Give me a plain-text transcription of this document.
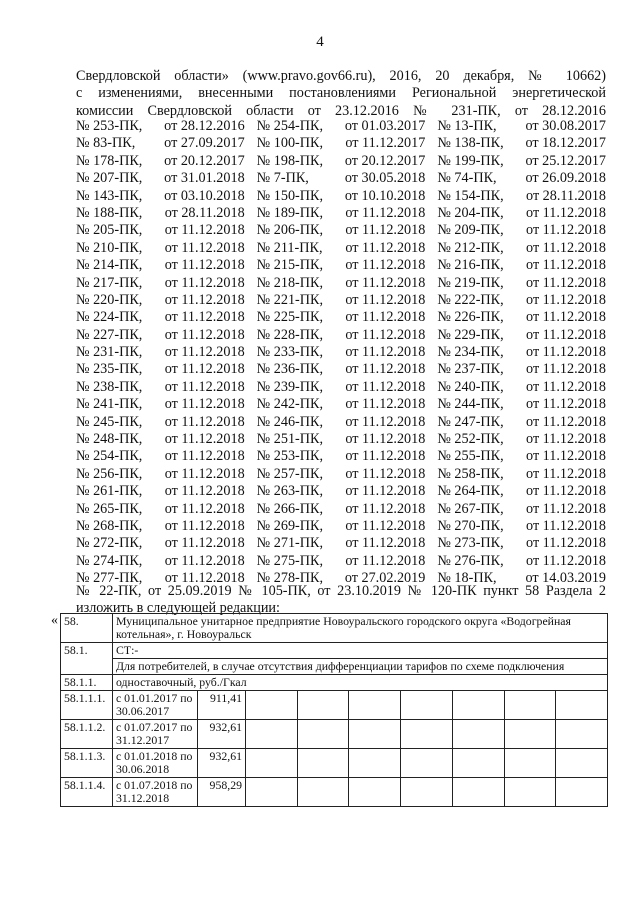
4
Свердловской области» (www.pravo.gov66.ru), 2016, 20 декабря, № 10662)
с изменениями, внесенными постановлениями Региональной энергетической
комиссии Свердловской области от 23.12.2016 № 231-ПК, от 28.12.2016
№ 253-ПК, от 28.12.2016 № 254-ПК, от 01.03.2017 № 13-ПК, от 30.08.2017
№ 83-ПК, от 27.09.2017 № 100-ПК, от 11.12.2017 № 138-ПК, от 18.12.2017
№ 178-ПК, от 20.12.2017 № 198-ПК, от 20.12.2017 № 199-ПК, от 25.12.2017
№ 207-ПК, от 31.01.2018 № 7-ПК,	от 30.05.2018 № 74-ПК, от 26.09.2018
№ 143-ПК, от 03.10.2018 № 150-ПК, от 10.10.2018 № 154-ПК, от 28.11.2018
№ 188-ПК, от 28.11.2018 № 189-ПК, от 11.12.2018 № 204-ПК, от 11.12.2018
№ 205-ПК, от 11.12.2018 № 206-ПК, от 11.12.2018 № 209-ПК, от 11.12.2018
№ 210-ПК, от 11.12.2018 № 211-ПК, от 11.12.2018 № 212-ПК, от 11.12.2018
№ 214-ПК, от 11.12.2018 № 215-ПК, от 11.12.2018 № 216-ПК, от 11.12.2018
№ 217-ПК, от 11.12.2018 № 218-ПК, от 11.12.2018 № 219-ПК, от 11.12.2018
№ 220-ПК, от 11.12.2018 № 221-ПК, от 11.12.2018 № 222-ПК, от 11.12.2018
№ 224-ПК, от 11.12.2018 № 225-ПК, от 11.12.2018 № 226-ПК, от 11.12.2018
№ 227-ПК, от 11.12.2018 № 228-ПК, от 11.12.2018 № 229-ПК, от 11.12.2018
№ 231-ПК, от 11.12.2018 № 233-ПК, от 11.12.2018 № 234-ПК, от 11.12.2018
№ 235-ПК, от 11.12.2018 № 236-ПК, от 11.12.2018 № 237-ПК, от 11.12.2018
№ 238-ПК, от 11.12.2018 № 239-ПК, от 11.12.2018 № 240-ПК, от 11.12.2018
№ 241-ПК, от 11.12.2018 № 242-ПК, от 11.12.2018 № 244-ПК, от 11.12.2018
№ 245-ПК, от 11.12.2018 № 246-ПК, от 11.12.2018 № 247-ПК, от 11.12.2018
№ 248-ПК, от 11.12.2018 № 251-ПК, от 11.12.2018 № 252-ПК, от 11.12.2018
№ 254-ПК, от 11.12.2018 № 253-ПК, от 11.12.2018 № 255-ПК, от 11.12.2018
№ 256-ПК, от 11.12.2018 № 257-ПК, от 11.12.2018 № 258-ПК, от 11.12.2018
№ 261-ПК, от 11.12.2018 № 263-ПК, от 11.12.2018 № 264-ПК, от 11.12.2018
№ 265-ПК, от 11.12.2018 № 266-ПК, от 11.12.2018 № 267-ПК, от 11.12.2018
№ 268-ПК, от 11.12.2018 № 269-ПК, от 11.12.2018 № 270-ПК, от 11.12.2018
№ 272-ПК, от 11.12.2018 № 271-ПК, от 11.12.2018 № 273-ПК, от 11.12.2018
№ 274-ПК, от 11.12.2018 № 275-ПК, от 11.12.2018 № 276-ПК, от 11.12.2018
№ 277-ПК, от 11.12.2018 № 278-ПК, от 27.02.2019 № 18-ПК, от 14.03.2019
№ 22-ПК, от 25.09.2019 № 105-ПК, от 23.10.2019 № 120-ПК пункт 58 Раздела 2
изложить в следующей редакции:
« 58.	Муниципальное унитарное предприятие Новоуральского городского округа «Водогрейная котельная», г. Новоуральск								
58.1.	СТ:-								
	Для потребителей, в случае отсутствия дифференциации тарифов по схеме подключения								
58.1.1.	одноставочный, руб./Гкал								
58.1.1.1.	с 01.01.2017 по 30.06.2017	911,41							
58.1.1.2.	с 01.07.2017 по 31.12.2017	932,61							
58.1.1.3.	с 01.01.2018 по 30.06.2018	932,61							
58.1.1.4.	с 01.07.2018 по 31.12.2018	958,29							
